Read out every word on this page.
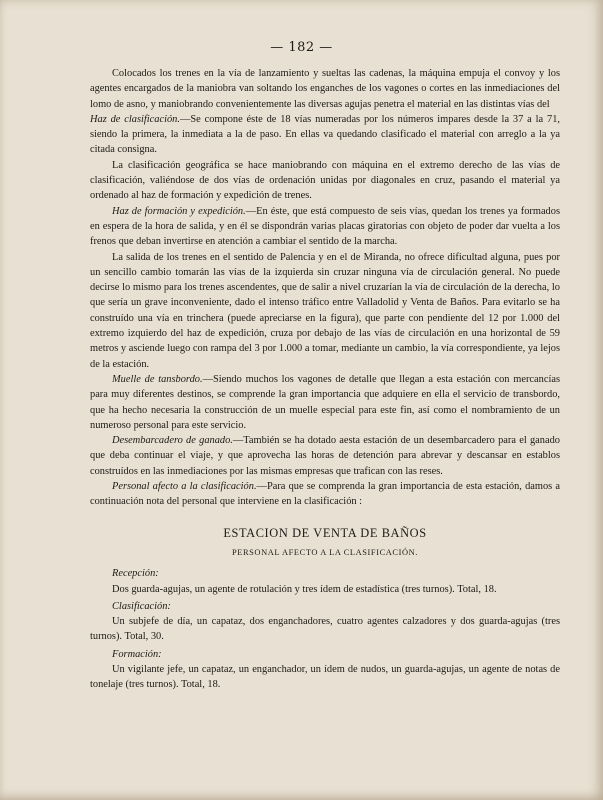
— 182 —

Colocados los trenes en la vía de lanzamiento y sueltas las cadenas, la máquina empuja el convoy y los agentes encargados de la maniobra van soltando los enganches de los vagones o cortes en las inmediaciones del lomo de asno, y maniobrando convenientemente las diversas agujas penetra el material en las distintas vías del

Haz de clasificación.—Se compone éste de 18 vías numeradas por los números impares desde la 37 a la 71, siendo la primera, la inmediata a la de paso. En ellas va quedando clasificado el material con arreglo a la ya citada consigna.

La clasificación geográfica se hace maniobrando con máquina en el extremo derecho de las vías de clasificación, valiéndose de dos vías de ordenación unidas por diagonales en cruz, pasando el material ya ordenado al haz de formación y expedición de trenes.

Haz de formación y expedición.—En éste, que está compuesto de seis vías, quedan los trenes ya formados en espera de la hora de salida, y en él se dispondrán varias placas giratorias con objeto de poder dar vuelta a los frenos que deban invertirse en atención a cambiar el sentido de la marcha.

La salida de los trenes en el sentido de Palencia y en el de Miranda, no ofrece dificultad alguna, pues por un sencillo cambio tomarán las vías de la izquierda sin cruzar ninguna vía de circulación general. No puede decirse lo mismo para los trenes ascendentes, que de salir a nivel cruzarían la vía de circulación de la derecha, lo que sería un grave inconveniente, dado el intenso tráfico entre Valladolid y Venta de Baños. Para evitarlo se ha construído una vía en trinchera (puede apreciarse en la figura), que parte con pendiente del 12 por 1.000 del extremo izquierdo del haz de expedición, cruza por debajo de las vías de circulación en una horizontal de 59 metros y asciende luego con rampa del 3 por 1.000 a tomar, mediante un cambio, la vía correspondiente, ya lejos de la estación.

Muelle de tansbordo.—Siendo muchos los vagones de detalle que llegan a esta estación con mercancías para muy diferentes destinos, se comprende la gran importancia que adquiere en ella el servicio de transbordo, que ha hecho necesaria la construcción de un muelle especial para este fin, así como el nombramiento de un numeroso personal para este servicio.

Desembarcadero de ganado.—También se ha dotado aesta estación de un desembarcadero para el ganado que deba continuar el viaje, y que aprovecha las horas de detención para abrevar y descansar en establos construídos en las inmediaciones por las mismas empresas que trafican con las reses.

Personal afecto a la clasificación.—Para que se comprenda la gran importancia de esta estación, damos a continuación nota del personal que interviene en la clasificación :

ESTACION DE VENTA DE BAÑOS
PERSONAL AFECTO A LA CLASIFICACIÓN.
Recepción:

Dos guarda-agujas, un agente de rotulación y tres ídem de estadística (tres turnos). Total, 18.

Clasificación:

Un subjefe de día, un capataz, dos enganchadores, cuatro agentes calzadores y dos guarda-agujas (tres turnos). Total, 30.

Formación:

Un vigilante jefe, un capataz, un enganchador, un ídem de nudos, un guarda-agujas, un agente de notas de tonelaje (tres turnos). Total, 18.
